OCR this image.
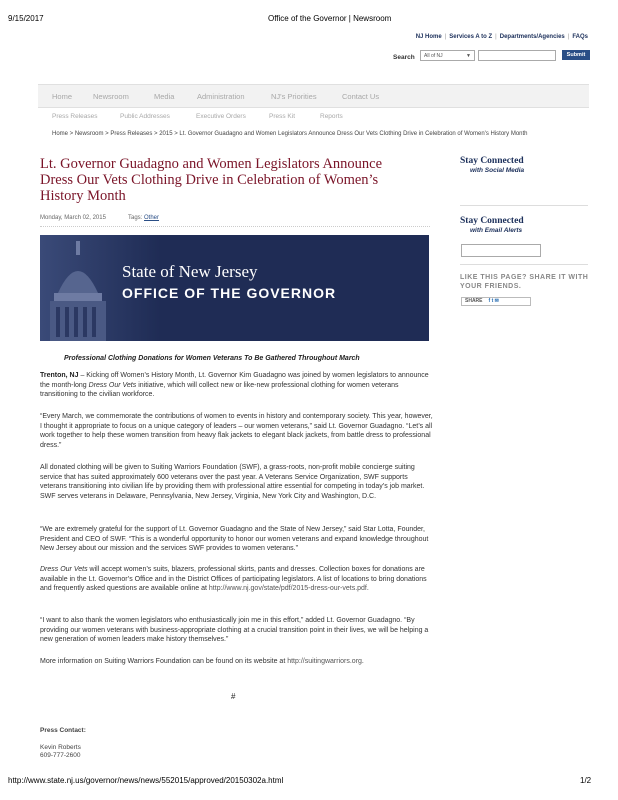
9/15/2017	Office of the Governor | Newsroom
NJ Home | Services A to Z | Departments/Agencies | FAQs
Search	All of NJ	▼	Submit
Home	Newsroom	Media	Administration	NJ's Priorities	Contact Us
Press Releases	Public Addresses	Executive Orders	Press Kit	Reports
Home > Newsroom > Press Releases > 2015 > Lt. Governor Guadagno and Women Legislators Announce Dress Our Vets Clothing Drive in Celebration of Women's History Month
Lt. Governor Guadagno and Women Legislators Announce Dress Our Vets Clothing Drive in Celebration of Women’s History Month
Monday, March 02, 2015	Tags: Other
State of New Jersey
OFFICE OF THE GOVERNOR
Professional Clothing Donations for Women Veterans To Be Gathered Throughout March
Trenton, NJ – Kicking off Women’s History Month, Lt. Governor Kim Guadagno was joined by women legislators to announce the month-long Dress Our Vets initiative, which will collect new or like-new professional clothing for women veterans transitioning to the civilian workforce.
“Every March, we commemorate the contributions of women to events in history and contemporary society. This year, however, I thought it appropriate to focus on a unique category of leaders – our women veterans,” said Lt. Governor Guadagno. “Let’s all work together to help these women transition from heavy flak jackets to elegant black jackets, from battle dress to professional dress.”
All donated clothing will be given to Suiting Warriors Foundation (SWF), a grass-roots, non-profit mobile concierge suiting service that has suited approximately 600 veterans over the past year. A Veterans Service Organization, SWF supports veterans transitioning into civilian life by providing them with professional attire essential for competing in today’s job market. SWF serves veterans in Delaware, Pennsylvania, New Jersey, Virginia, New York City and Washington, D.C.
“We are extremely grateful for the support of Lt. Governor Guadagno and the State of New Jersey,” said Star Lotta, Founder, President and CEO of SWF. “This is a wonderful opportunity to honor our women veterans and expand knowledge throughout New Jersey about our mission and the services SWF provides to women veterans.”
Dress Our Vets will accept women’s suits, blazers, professional skirts, pants and dresses. Collection boxes for donations are available in the Lt. Governor’s Office and in the District Offices of participating legislators. A list of locations to bring donations and frequently asked questions are available online at http://www.nj.gov/state/pdf/2015-dress-our-vets.pdf.
“I want to also thank the women legislators who enthusiastically join me in this effort,” added Lt. Governor Guadagno. “By providing our women veterans with business-appropriate clothing at a crucial transition point in their lives, we will be helping a new generation of women leaders make history themselves.”
More information on Suiting Warriors Foundation can be found on its website at http://suitingwarriors.org.
#
Press Contact:
Kevin Roberts
609-777-2600
Stay Connected
with Social Media
Stay Connected
with Email Alerts
LIKE THIS PAGE? SHARE IT WITH YOUR FRIENDS.
SHARE f t ✉
http://www.state.nj.us/governor/news/news/552015/approved/20150302a.html	1/2
